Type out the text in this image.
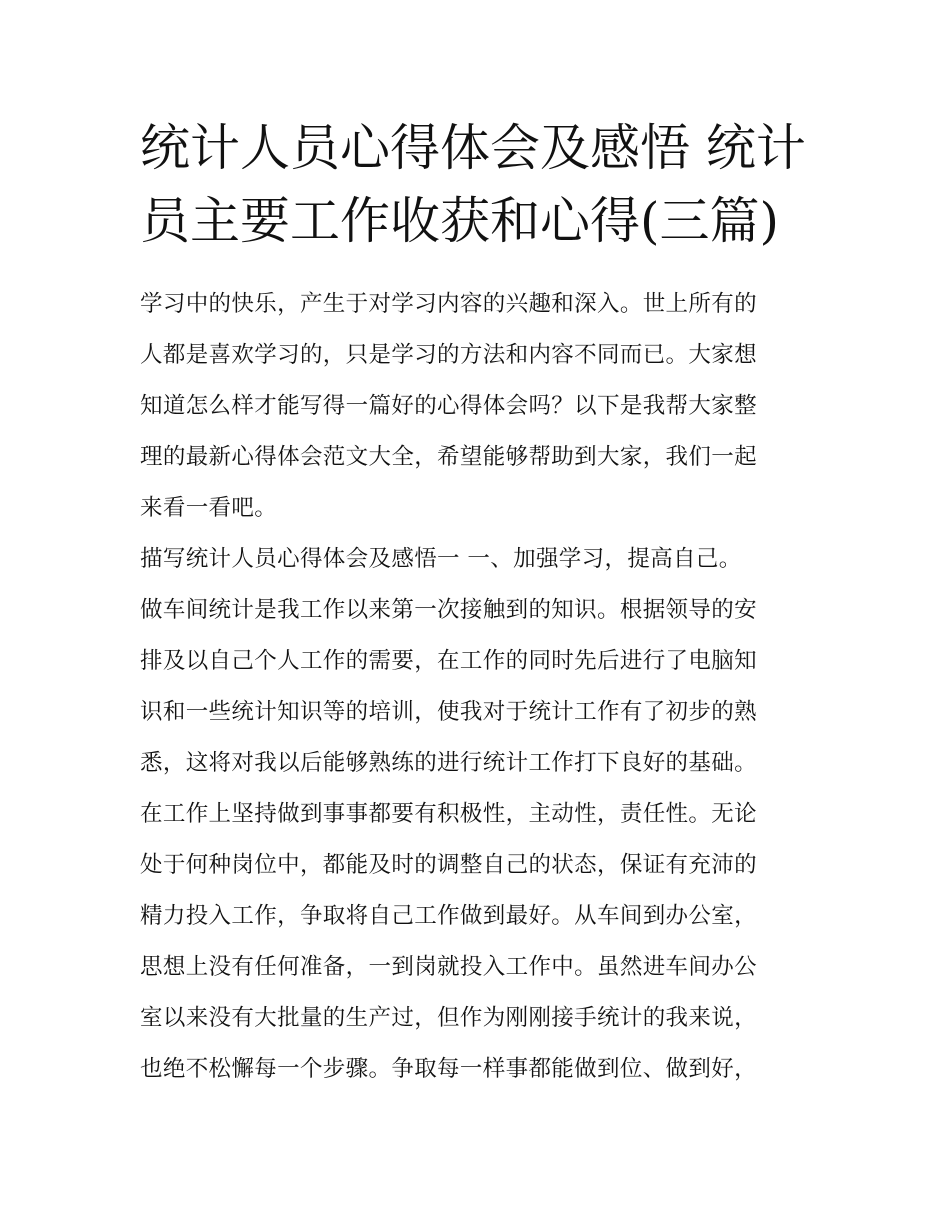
统计人员心得体会及感悟 统计
员主要工作收获和心得(三篇)

学习中的快乐，产生于对学习内容的兴趣和深入。世上所有的

人都是喜欢学习的，只是学习的方法和内容不同而已。大家想

知道怎么样才能写得一篇好的心得体会吗？以下是我帮大家整

理的最新心得体会范文大全，希望能够帮助到大家，我们一起

来看一看吧。

描写统计人员心得体会及感悟一 一、加强学习，提高自己。

做车间统计是我工作以来第一次接触到的知识。根据领导的安

排及以自己个人工作的需要，在工作的同时先后进行了电脑知

识和一些统计知识等的培训，使我对于统计工作有了初步的熟

悉，这将对我以后能够熟练的进行统计工作打下良好的基础。

在工作上坚持做到事事都要有积极性，主动性，责任性。无论

处于何种岗位中，都能及时的调整自己的状态，保证有充沛的

精力投入工作，争取将自己工作做到最好。从车间到办公室，

思想上没有任何准备，一到岗就投入工作中。虽然进车间办公

室以来没有大批量的生产过，但作为刚刚接手统计的我来说，

也绝不松懈每一个步骤。争取每一样事都能做到位、做到好，
